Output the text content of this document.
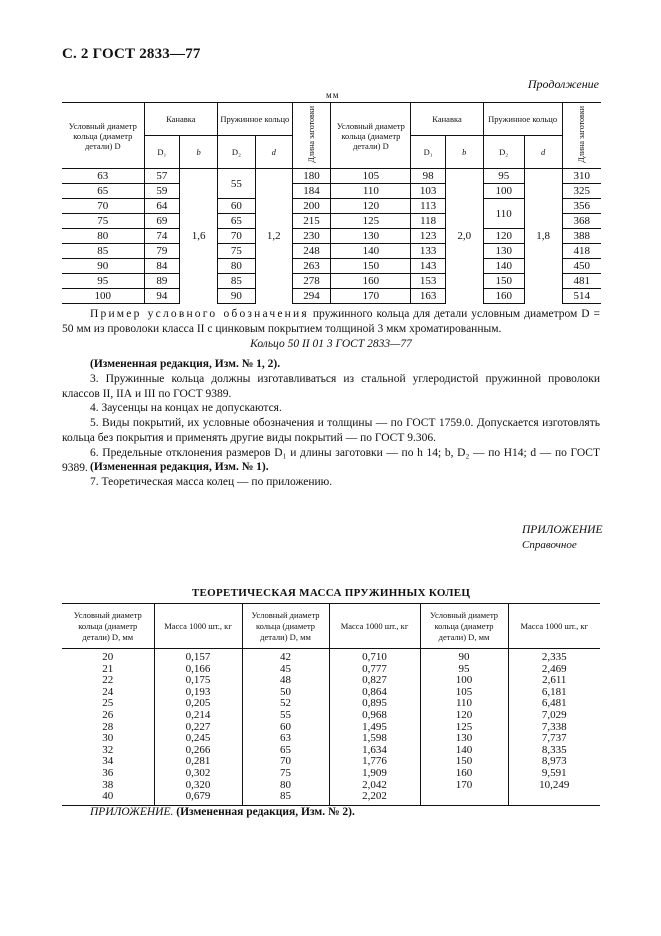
С. 2 ГОСТ 2833—77
Продолжение
мм
Условный диаметр кольца (диаметр детали) D	Канавка		Пружинное кольцо		Длина заготовки	Условный диаметр кольца (диаметр детали) D	Канавка		Пружинное кольцо		Длина заготовки
	D₁	b	D₂	d			D₁	b	D₂	d	
63	57	1,6	55	1,2	180	105	98	2,0	95	1,8	310
65	59				184	110	103		100		325
70	64		60		200	120	113		110		356
75	69		65		215	125	118				368
80	74		70		230	130	123		120		388
85	79		75		248	140	133		130		418
90	84		80		263	150	143		140		450
95	89		85		278	160	153		150		481
100	94		90		294	170	163		160		514
Пример условного обозначения пружинного кольца для детали условным диаметром D = 50 мм из проволоки класса II с цинковым покрытием толщиной 3 мкм хроматированным.
Кольцо 50 II 01 3 ГОСТ 2833—77
(Измененная редакция, Изм. № 1, 2).
3. Пружинные кольца должны изготавливаться из стальной углеродистой пружинной проволоки классов II, IIА и III по ГОСТ 9389.
4. Заусенцы на концах не допускаются.
5. Виды покрытий, их условные обозначения и толщины — по ГОСТ 1759.0. Допускается изготовлять кольца без покрытия и применять другие виды покрытий — по ГОСТ 9.306.
6. Предельные отклонения размеров D₁ и длины заготовки — по h 14; b, D₂ — по H14; d — по ГОСТ 9389. (Измененная редакция, Изм. № 1).
7. Теоретическая масса колец — по приложению.
ПРИЛОЖЕНИЕ
Справочное
ТЕОРЕТИЧЕСКАЯ МАССА ПРУЖИННЫХ КОЛЕЦ
Условный диаметр кольца (диаметр детали) D, мм	Масса 1000 шт., кг	Условный диаметр кольца (диаметр детали) D, мм	Масса 1000 шт., кг	Условный диаметр кольца (диаметр детали) D, мм	Масса 1000 шт., кг
20	0,157	42	0,710	90	2,335
21	0,166	45	0,777	95	2,469
22	0,175	48	0,827	100	2,611
24	0,193	50	0,864	105	6,181
25	0,205	52	0,895	110	6,481
26	0,214	55	0,968	120	7,029
28	0,227	60	1,495	125	7,338
30	0,245	63	1,598	130	7,737
32	0,266	65	1,634	140	8,335
34	0,281	70	1,776	150	8,973
36	0,302	75	1,909	160	9,591
38	0,320	80	2,042	170	10,249
40	0,679	85	2,202		
ПРИЛОЖЕНИЕ. (Измененная редакция, Изм. № 2).
